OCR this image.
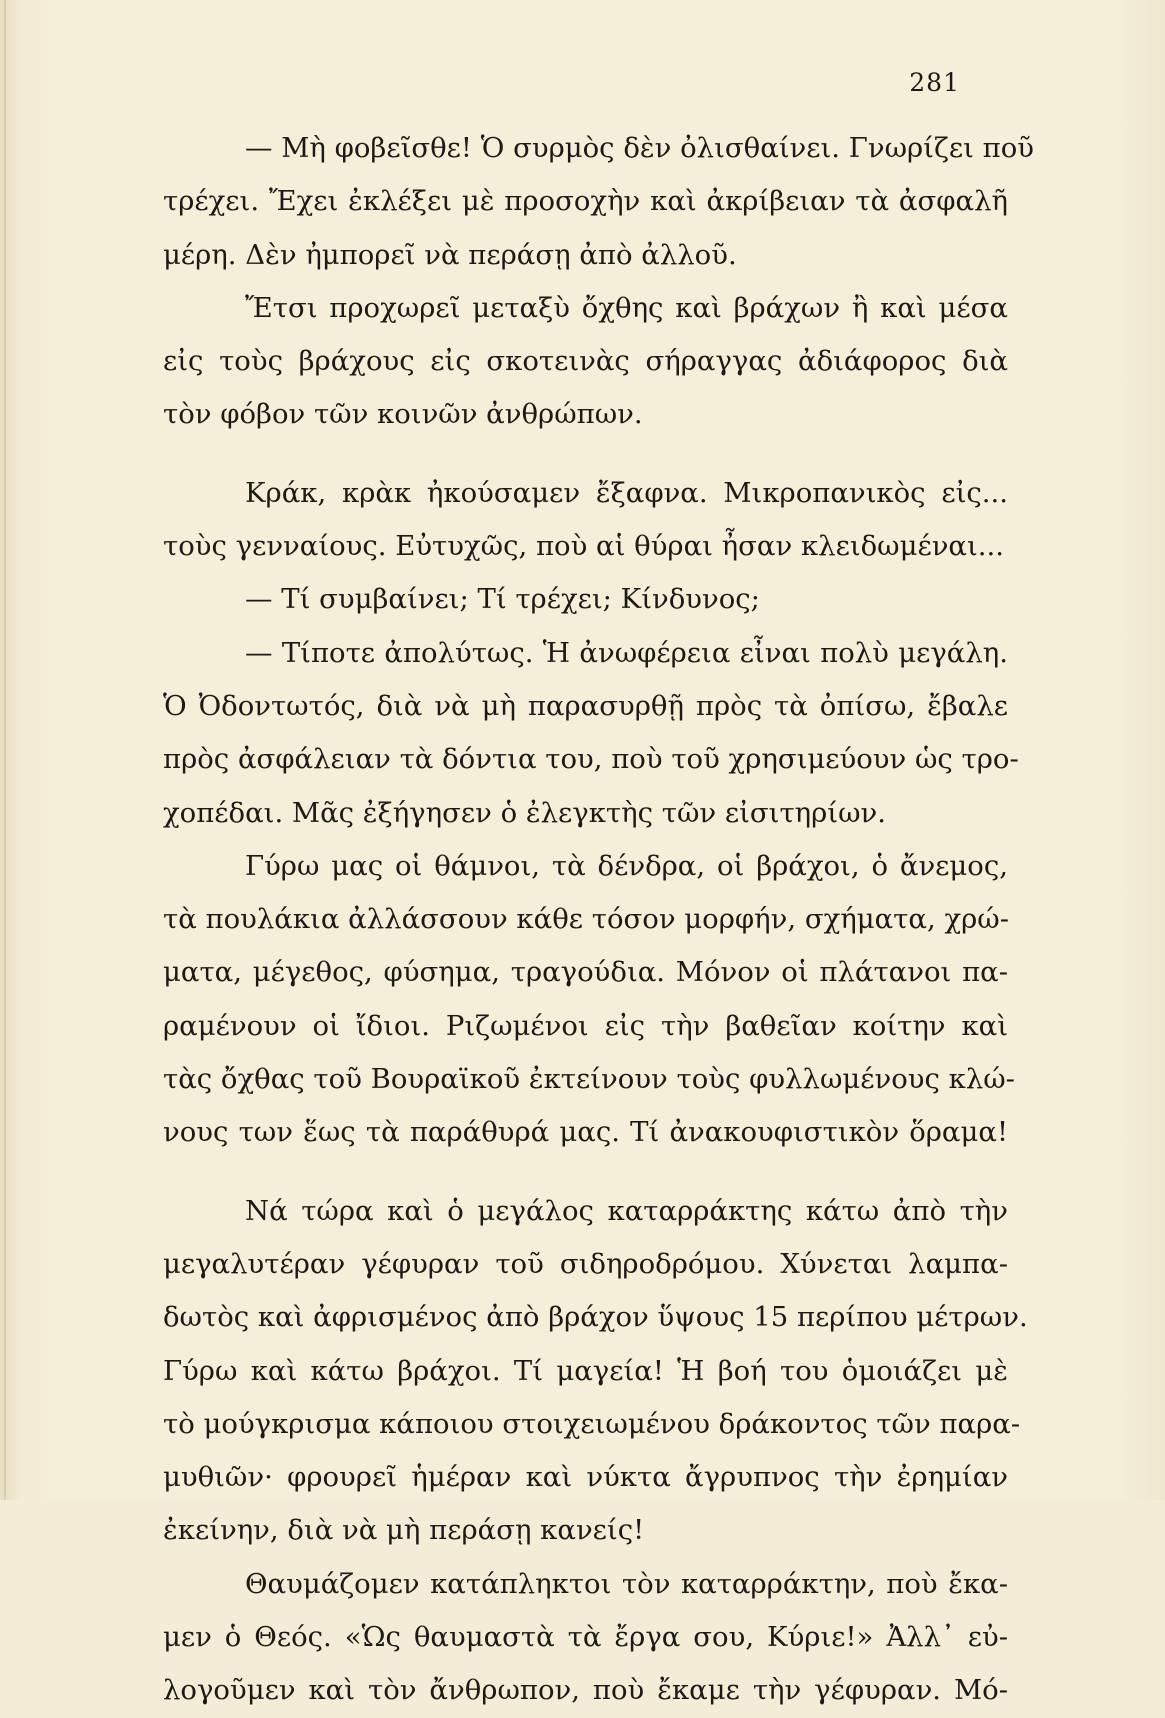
281
— Μὴ φοβεῖσθε! Ὁ συρμὸς δὲν ὀλισθαίνει. Γνωρίζει ποῦ
τρέχει. Ἔχει ἐκλέξει μὲ προσοχὴν καὶ ἀκρίβειαν τὰ ἀσφαλῆ
μέρη. Δὲν ἠμπορεῖ νὰ περάσῃ ἀπὸ ἀλλοῦ.
Ἔτσι προχωρεῖ μεταξὺ ὄχθης καὶ βράχων ἢ καὶ μέσα
εἰς τοὺς βράχους εἰς σκοτεινὰς σήραγγας ἀδιάφορος διὰ
τὸν φόβον τῶν κοινῶν ἀνθρώπων.
Κράκ, κρὰκ ἠκούσαμεν ἔξαφνα. Μικροπανικὸς εἰς...
τοὺς γενναίους. Εὐτυχῶς, ποὺ αἱ θύραι ἦσαν κλειδωμέναι...
— Τί συμβαίνει; Τί τρέχει; Κίνδυνος;
— Τίποτε ἀπολύτως. Ἡ ἀνωφέρεια εἶναι πολὺ μεγάλη.
Ὁ Ὀδοντωτός, διὰ νὰ μὴ παρασυρθῇ πρὸς τὰ ὀπίσω, ἔβαλε
πρὸς ἀσφάλειαν τὰ δόντια του, ποὺ τοῦ χρησιμεύουν ὡς τρο-
χοπέδαι. Μᾶς ἐξήγησεν ὁ ἐλεγκτὴς τῶν εἰσιτηρίων.
Γύρω μας οἱ θάμνοι, τὰ δένδρα, οἱ βράχοι, ὁ ἄνεμος,
τὰ πουλάκια ἀλλάσσουν κάθε τόσον μορφήν, σχήματα, χρώ-
ματα, μέγεθος, φύσημα, τραγούδια. Μόνον οἱ πλάτανοι πα-
ραμένουν οἱ ἴδιοι. Ριζωμένοι εἰς τὴν βαθεῖαν κοίτην καὶ
τὰς ὄχθας τοῦ Βουραϊκοῦ ἐκτείνουν τοὺς φυλλωμένους κλώ-
νους των ἕως τὰ παράθυρά μας. Τί ἀνακουφιστικὸν ὅραμα!
Νά τώρα καὶ ὁ μεγάλος καταρράκτης κάτω ἀπὸ τὴν
μεγαλυτέραν γέφυραν τοῦ σιδηροδρόμου. Χύνεται λαμπα-
δωτὸς καὶ ἀφρισμένος ἀπὸ βράχον ὕψους 15 περίπου μέτρων.
Γύρω καὶ κάτω βράχοι. Τί μαγεία! Ἡ βοή του ὁμοιάζει μὲ
τὸ μούγκρισμα κάποιου στοιχειωμένου δράκοντος τῶν παρα-
μυθιῶν· φρουρεῖ ἡμέραν καὶ νύκτα ἄγρυπνος τὴν ἐρημίαν
ἐκείνην, διὰ νὰ μὴ περάσῃ κανείς!
Θαυμάζομεν κατάπληκτοι τὸν καταρράκτην, ποὺ ἔκα-
μεν ὁ Θεός. «Ὡς θαυμαστὰ τὰ ἔργα σου, Κύριε!» Ἀλλ᾽ εὐ-
λογοῦμεν καὶ τὸν ἄνθρωπον, ποὺ ἔκαμε τὴν γέφυραν. Μό-
